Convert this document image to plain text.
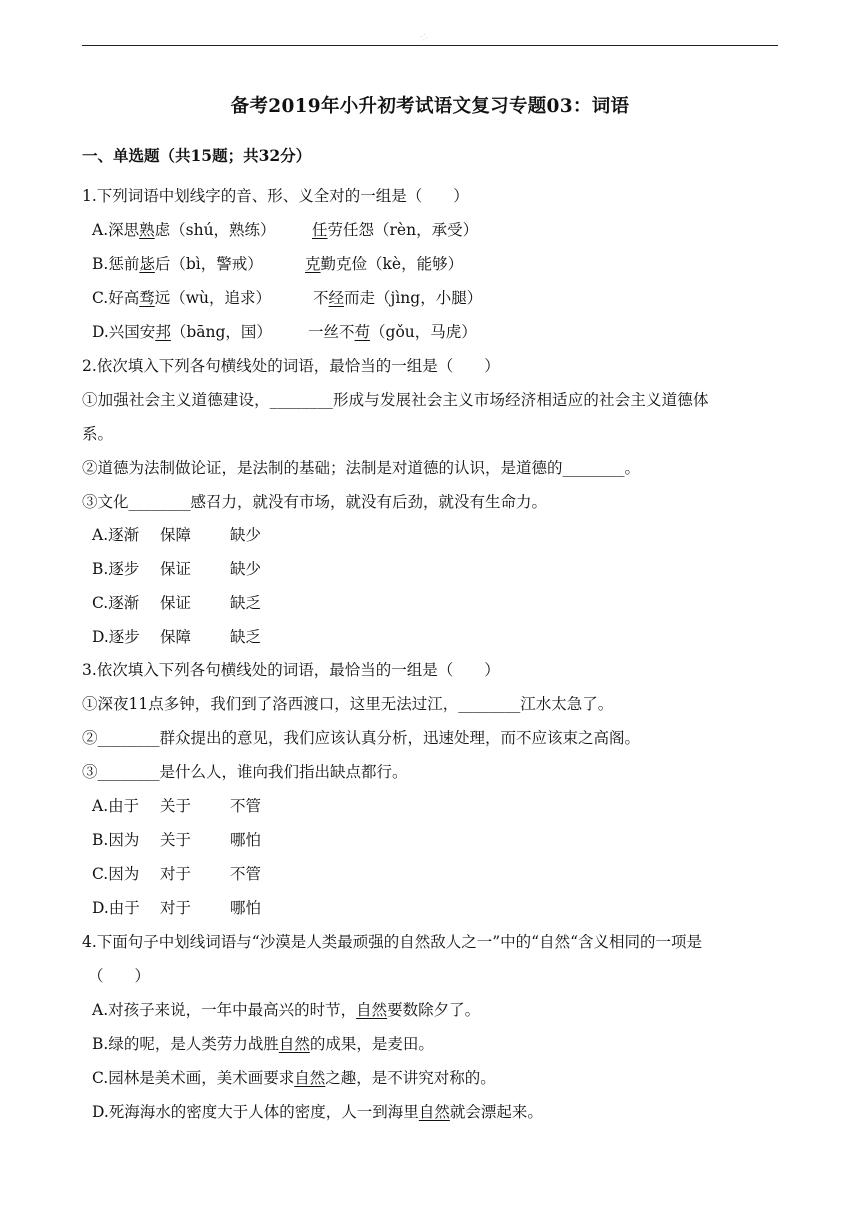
::
备考2019年小升初考试语文复习专题03：词语
一、单选题（共15题；共32分）
1.下列词语中划线字的音、形、义全对的一组是（　　）
A.深思熟虑（shú，熟练） 任劳任怨（rèn，承受）
B.惩前毖后（bì，警戒）	克勤克俭（kè，能够）
C.好高骛远（wù，追求）	不经而走（jìng，小腿）
D.兴国安邦（bāng，国） 一丝不苟（gǒu，马虎）
2.依次填入下列各句横线处的词语，最恰当的一组是（　　）
①加强社会主义道德建设，________形成与发展社会主义市场经济相适应的社会主义道德体
系。
②道德为法制做论证，是法制的基础；法制是对道德的认识，是道德的________。
③文化________感召力，就没有市场，就没有后劲，就没有生命力。
A.逐渐 保障	缺少
B.逐步 保证	缺少
C.逐渐 保证	缺乏
D.逐步 保障	缺乏
3.依次填入下列各句横线处的词语，最恰当的一组是（　　）
①深夜11点多钟，我们到了洛西渡口，这里无法过江，________江水太急了。
②________群众提出的意见，我们应该认真分析，迅速处理，而不应该束之高阁。
③________是什么人，谁向我们指出缺点都行。
A.由于 关于	不管
B.因为 关于	哪怕
C.因为 对于	不管
D.由于 对于	哪怕
4.下面句子中划线词语与“沙漠是人类最顽强的自然敌人之一”中的“自然“含义相同的一项是
（　　）
A.对孩子来说，一年中最高兴的时节，自然要数除夕了。
B.绿的呢，是人类劳力战胜自然的成果，是麦田。
C.园林是美术画，美术画要求自然之趣，是不讲究对称的。
D.死海海水的密度大于人体的密度，人一到海里自然就会漂起来。
